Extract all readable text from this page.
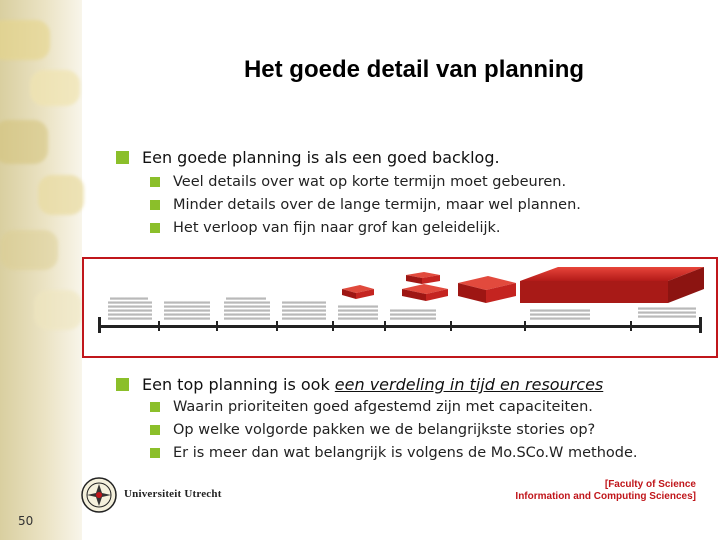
Het goede detail van planning
Een goede planning is als een goed backlog.
Veel details over wat op korte termijn moet gebeuren.
Minder details over de lange termijn, maar wel plannen.
Het verloop van fijn naar grof kan geleidelijk.
Een top planning is ook een verdeling in tijd en resources
Waarin prioriteiten goed afgestemd zijn met capaciteiten.
Op welke volgorde pakken we de belangrijkste stories op?
Er is meer dan wat belangrijk is volgens de Mo.SCo.W methode.
Universiteit Utrecht
[Faculty of Science
Information and Computing Sciences]
50
